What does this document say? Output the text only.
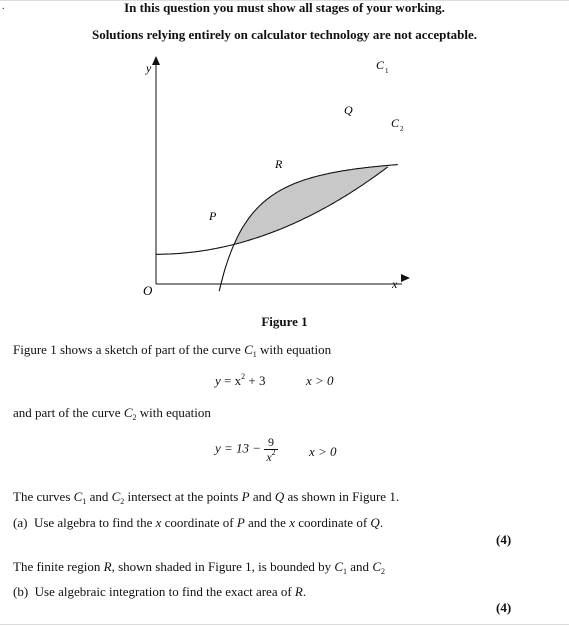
.	In this question you must show all stages of your working.
Solutions relying entirely on calculator technology are not acceptable.
y
x
O
C 1
C 2
P
Q
R
Figure 1
Figure 1 shows a sketch of part of the curve $C_1$ with equation
$y = x^2 + 3$	x > 0
and part of the curve $C_2$ with equation
$y = 13 - \frac{9}{x^2}$ x > 0
The curves $C_1$ and $C_2$ intersect at the points P and Q as shown in Figure 1.
(a) Use algebra to find the x coordinate of P and the x coordinate of Q.
(4)
The finite region R, shown shaded in Figure 1, is bounded by $C_1$ and $C_2$
(b) Use algebraic integration to find the exact area of R.
(4)
